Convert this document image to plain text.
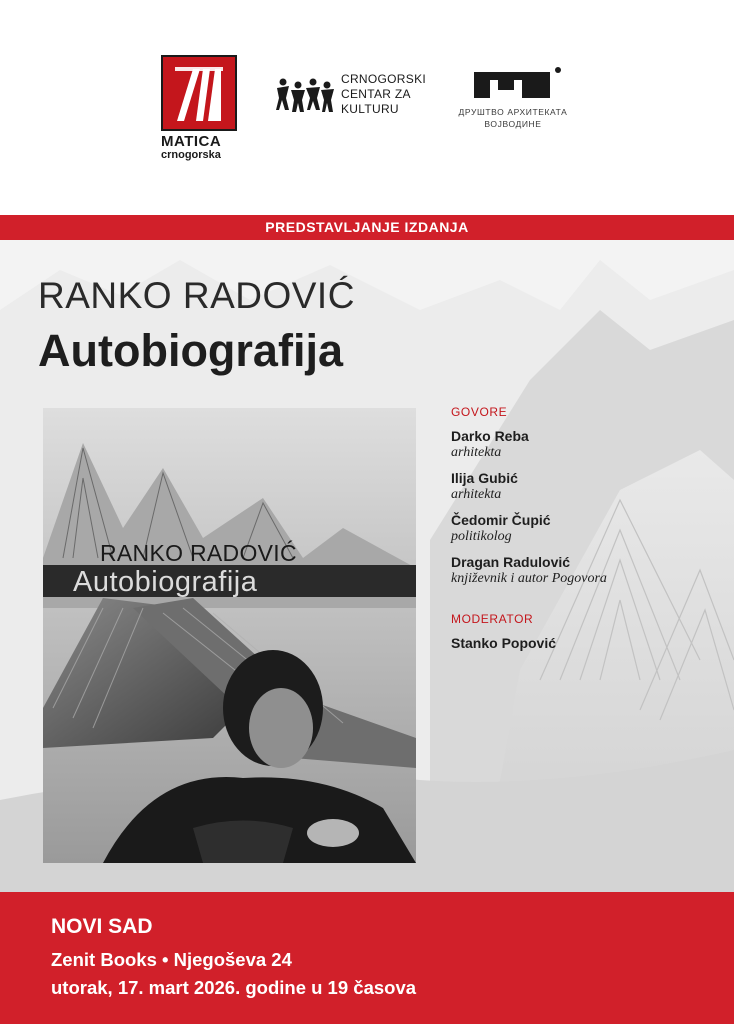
MATICA
crnogorska
CRNOGORSKI
CENTAR ZA
KULTURU	ДРУШТВО АРХИТЕКАТА
ВОЈВОДИНЕ
PREDSTAVLJANJE IZDANJA
RANKO RADOVIĆ
Autobiografija
RANKO RADOVIĆ
Autobiografija
GOVORE
Darko Reba
arhitekta
Ilija Gubić
arhitekta
Čedomir Čupić
politikolog
Dragan Radulović
književnik i autor Pogovora
MODERATOR
Stanko Popović
NOVI SAD
Zenit Books • Njegoševa 24
utorak, 17. mart 2026. godine u 19 časova
